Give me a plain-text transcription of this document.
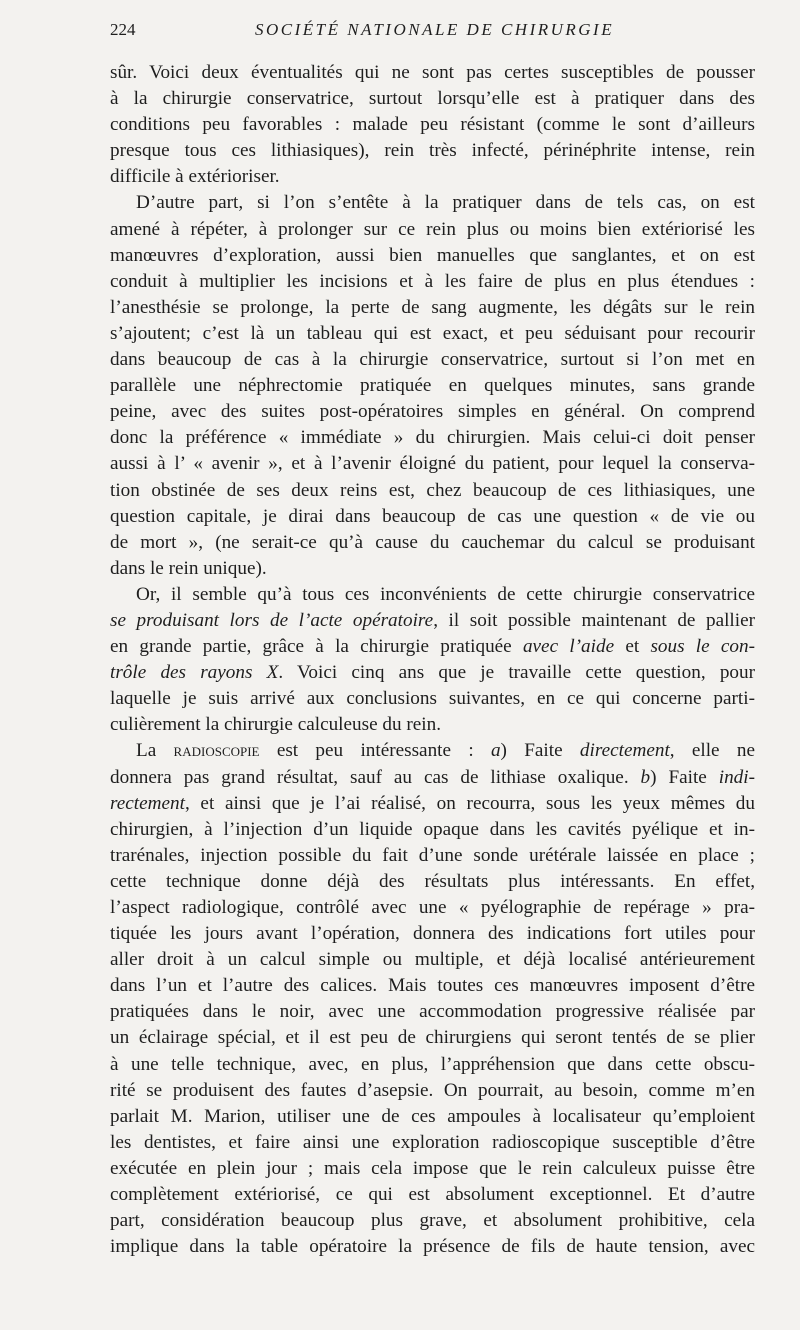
224	SOCIÉTÉ NATIONALE DE CHIRURGIE
sûr. Voici deux éventualités qui ne sont pas certes susceptibles de pousser
à la chirurgie conservatrice, surtout lorsqu’elle est à pratiquer dans des
conditions peu favorables : malade peu résistant (comme le sont d’ailleurs
presque tous ces lithiasiques), rein très infecté, périnéphrite intense, rein
difficile à extérioriser.
D’autre part, si l’on s’entête à la pratiquer dans de tels cas, on est
amené à répéter, à prolonger sur ce rein plus ou moins bien extériorisé les
manœuvres d’exploration, aussi bien manuelles que sanglantes, et on est
conduit à multiplier les incisions et à les faire de plus en plus étendues :
l’anesthésie se prolonge, la perte de sang augmente, les dégâts sur le rein
s’ajoutent; c’est là un tableau qui est exact, et peu séduisant pour recourir
dans beaucoup de cas à la chirurgie conservatrice, surtout si l’on met en
parallèle une néphrectomie pratiquée en quelques minutes, sans grande
peine, avec des suites post-opératoires simples en général. On comprend
donc la préférence « immédiate » du chirurgien. Mais celui-ci doit penser
aussi à l’ « avenir », et à l’avenir éloigné du patient, pour lequel la conserva-
tion obstinée de ses deux reins est, chez beaucoup de ces lithiasiques, une
question capitale, je dirai dans beaucoup de cas une question « de vie ou
de mort », (ne serait-ce qu’à cause du cauchemar du calcul se produisant
dans le rein unique).
Or, il semble qu’à tous ces inconvénients de cette chirurgie conservatrice
se produisant lors de l’acte opératoire, il soit possible maintenant de pallier
en grande partie, grâce à la chirurgie pratiquée avec l’aide et sous le con-
trôle des rayons X. Voici cinq ans que je travaille cette question, pour
laquelle je suis arrivé aux conclusions suivantes, en ce qui concerne parti-
culièrement la chirurgie calculeuse du rein.
La radioscopie est peu intéressante : a) Faite directement, elle ne
donnera pas grand résultat, sauf au cas de lithiase oxalique. b) Faite indi-
rectement, et ainsi que je l’ai réalisé, on recourra, sous les yeux mêmes du
chirurgien, à l’injection d’un liquide opaque dans les cavités pyélique et in-
trarénales, injection possible du fait d’une sonde urétérale laissée en place ;
cette technique donne déjà des résultats plus intéressants. En effet,
l’aspect radiologique, contrôlé avec une « pyélographie de repérage » pra-
tiquée les jours avant l’opération, donnera des indications fort utiles pour
aller droit à un calcul simple ou multiple, et déjà localisé antérieurement
dans l’un et l’autre des calices. Mais toutes ces manœuvres imposent d’être
pratiquées dans le noir, avec une accommodation progressive réalisée par
un éclairage spécial, et il est peu de chirurgiens qui seront tentés de se plier
à une telle technique, avec, en plus, l’appréhension que dans cette obscu-
rité se produisent des fautes d’asepsie. On pourrait, au besoin, comme m’en
parlait M. Marion, utiliser une de ces ampoules à localisateur qu’emploient
les dentistes, et faire ainsi une exploration radioscopique susceptible d’être
exécutée en plein jour ; mais cela impose que le rein calculeux puisse être
complètement extériorisé, ce qui est absolument exceptionnel. Et d’autre
part, considération beaucoup plus grave, et absolument prohibitive, cela
implique dans la table opératoire la présence de fils de haute tension, avec
